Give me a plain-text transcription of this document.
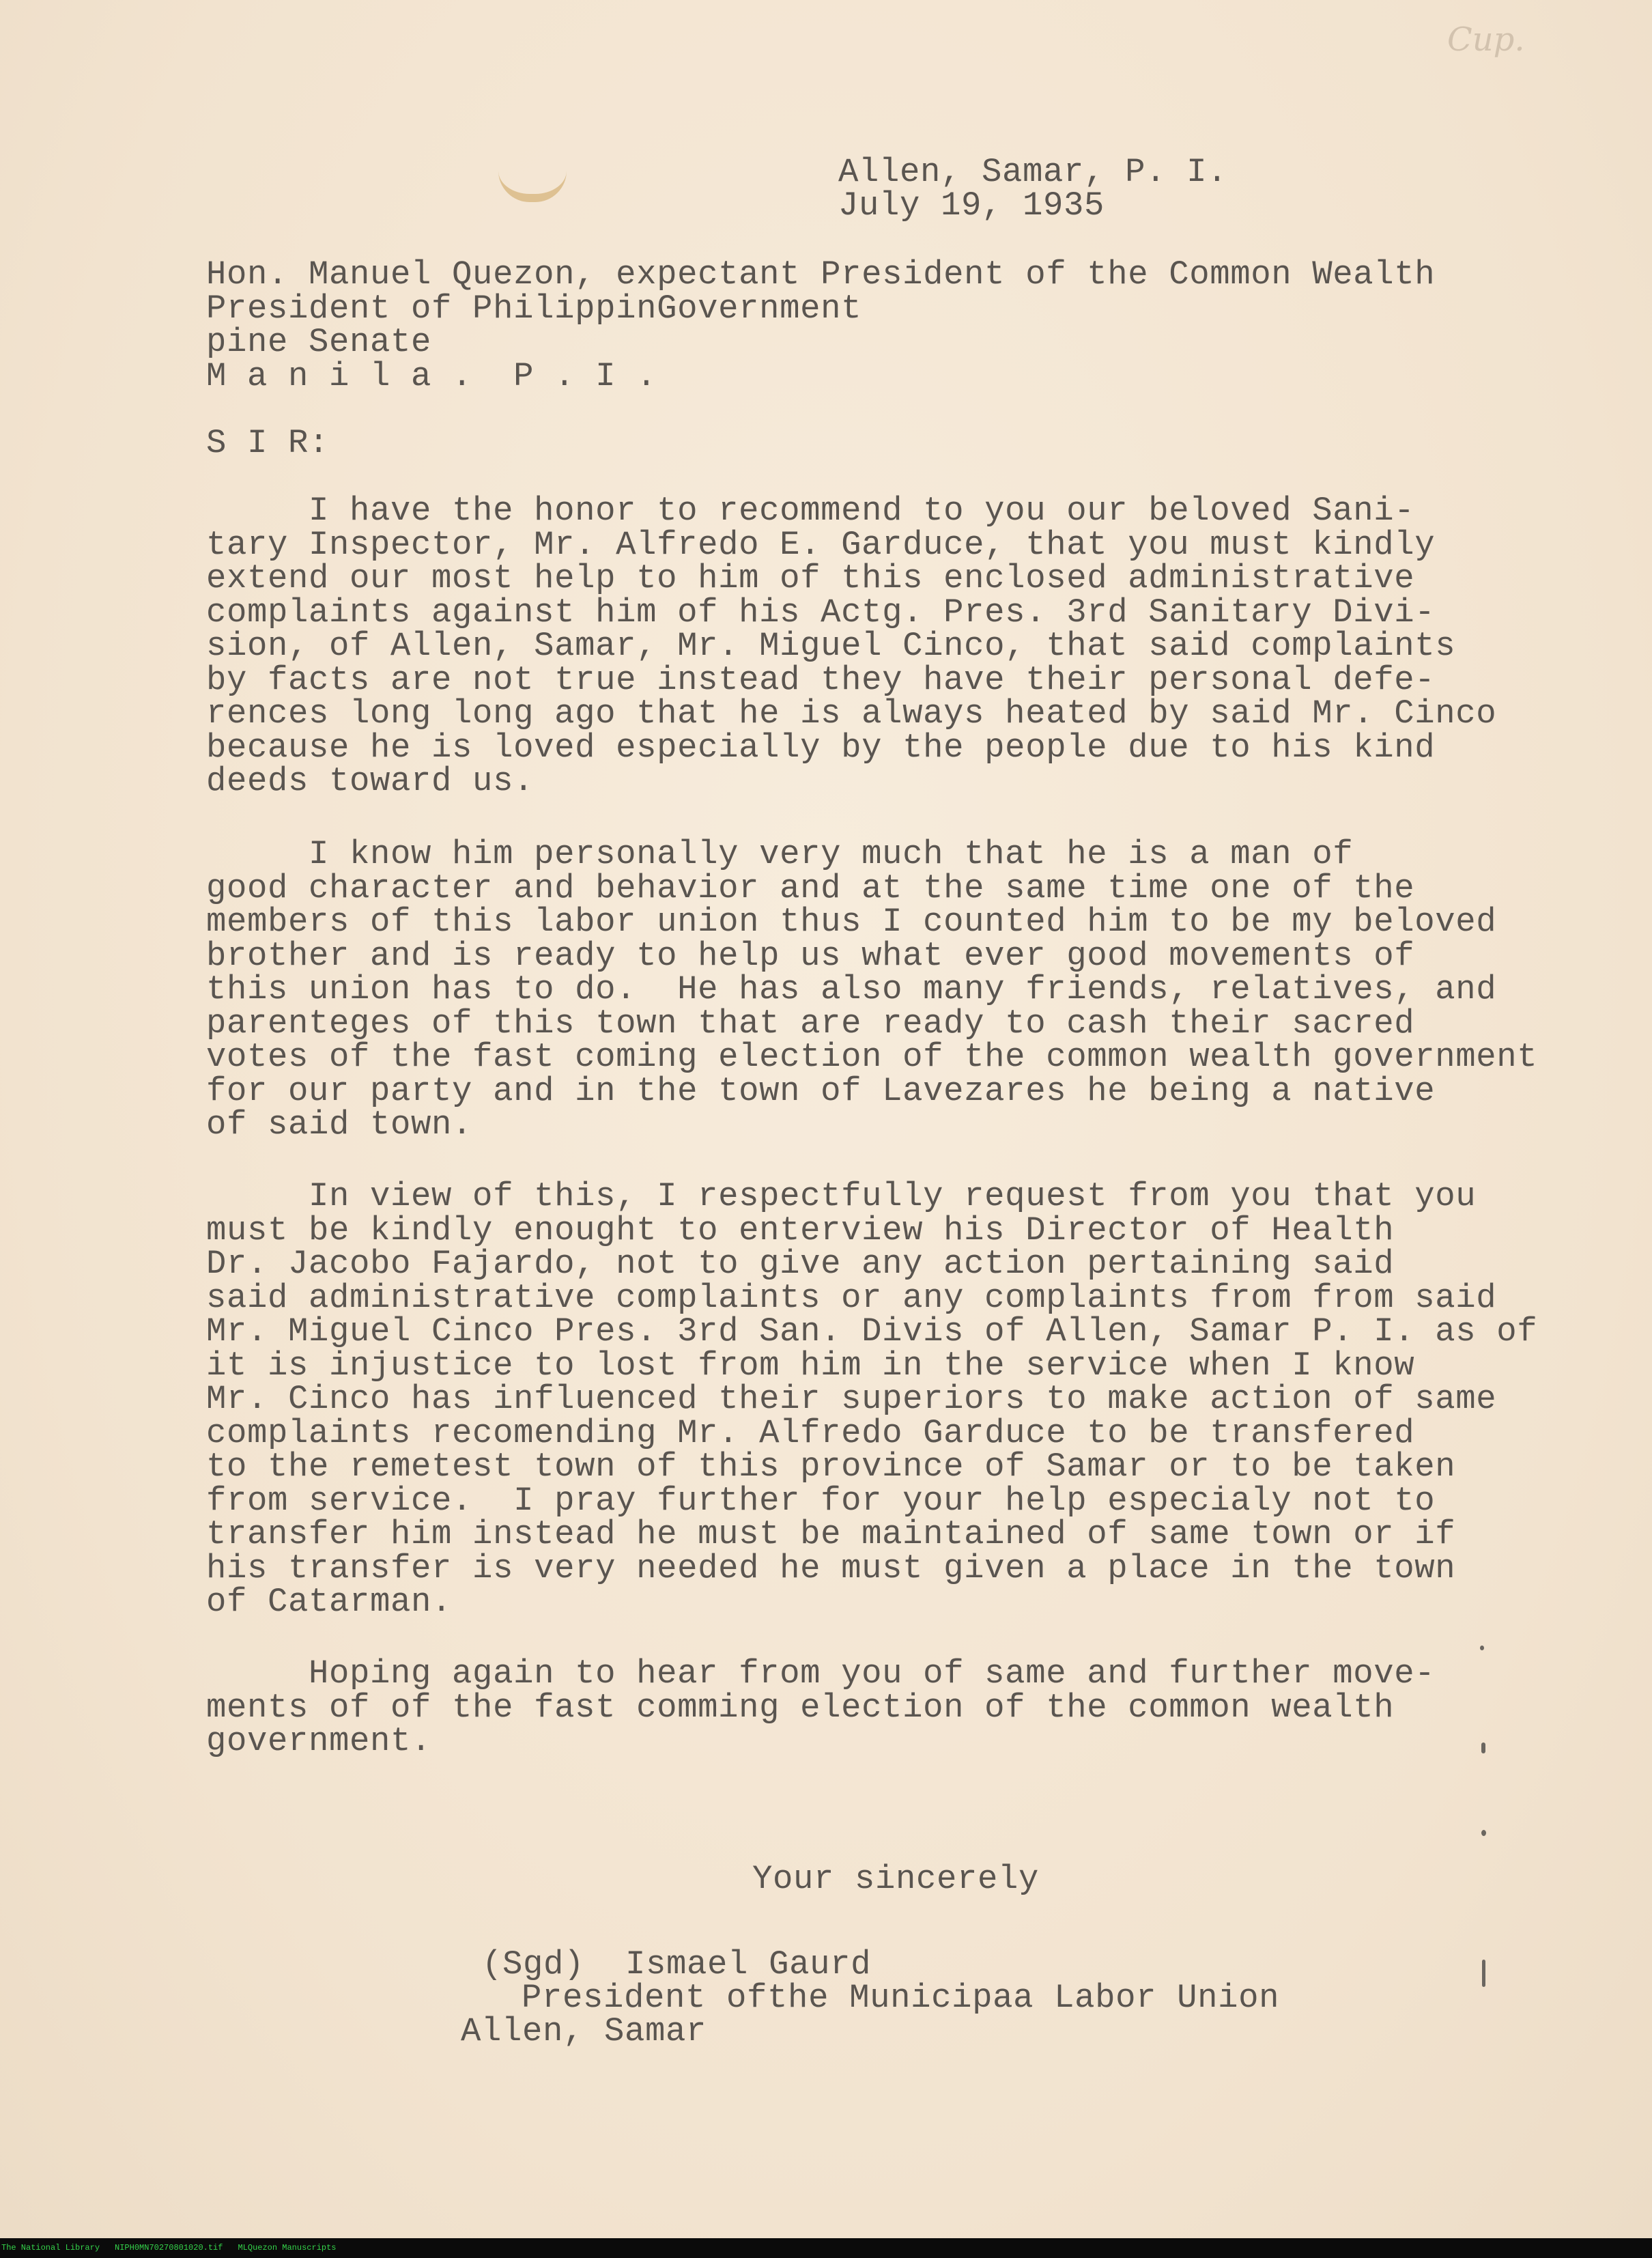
Cup.
Allen, Samar, P. I.
July 19, 1935
Hon. Manuel Quezon, expectant President of the Common Wealth
President of PhilippinGovernment
pine Senate
M a n i l a .  P . I .
S I R:
I have the honor to recommend to you our beloved Sani-
tary Inspector, Mr. Alfredo E. Garduce, that you must kindly
extend our most help to him of this enclosed administrative
complaints against him of his Actg. Pres. 3rd Sanitary Divi-
sion, of Allen, Samar, Mr. Miguel Cinco, that said complaints
by facts are not true instead they have their personal defe-
rences long long ago that he is always heated by said Mr. Cinco
because he is loved especially by the people due to his kind
deeds toward us.
I know him personally very much that he is a man of
good character and behavior and at the same time one of the
members of this labor union thus I counted him to be my beloved
brother and is ready to help us what ever good movements of
this union has to do.  He has also many friends, relatives, and
parenteges of this town that are ready to cash their sacred
votes of the fast coming election of the common wealth government
for our party and in the town of Lavezares he being a native
of said town.
In view of this, I respectfully request from you that you
must be kindly enought to enterview his Director of Health
Dr. Jacobo Fajardo, not to give any action pertaining said
said administrative complaints or any complaints from from said
Mr. Miguel Cinco Pres. 3rd San. Divis of Allen, Samar P. I. as of
it is injustice to lost from him in the service when I know
Mr. Cinco has influenced their superiors to make action of same
complaints recomending Mr. Alfredo Garduce to be transfered
to the remetest town of this province of Samar or to be taken
from service.  I pray further for your help especialy not to
transfer him instead he must be maintained of same town or if
his transfer is very needed he must given a place in the town
of Catarman.
Hoping again to hear from you of same and further move-
ments of of the fast comming election of the common wealth
government.
Your sincerely
(Sgd)  Ismael Gaurd
President ofthe Municipaa Labor Union
Allen, Samar
The National Library NIPH0MN70270801020.tif MLQuezon Manuscripts
